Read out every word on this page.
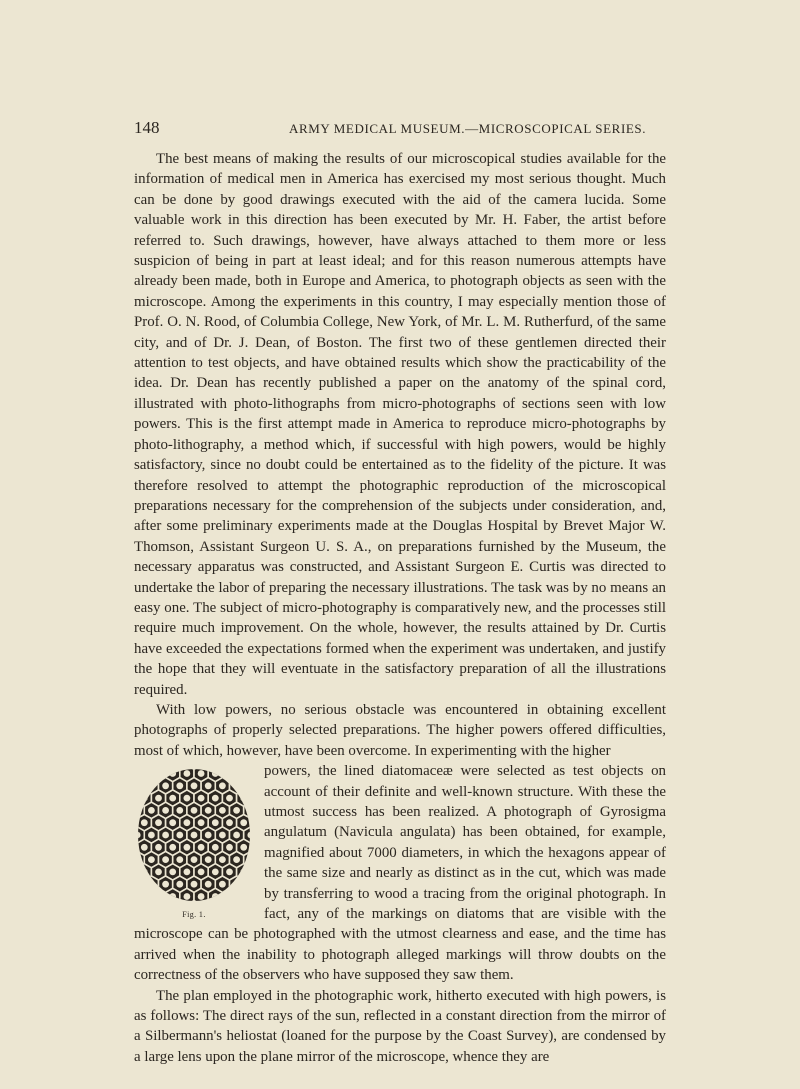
148	ARMY MEDICAL MUSEUM.—MICROSCOPICAL SERIES.

The best means of making the results of our microscopical studies available for the information of medical men in America has exercised my most serious thought. Much can be done by good drawings executed with the aid of the camera lucida. Some valuable work in this direction has been executed by Mr. H. Faber, the artist before referred to. Such drawings, however, have always attached to them more or less suspicion of being in part at least ideal; and for this reason numerous attempts have already been made, both in Europe and America, to photograph objects as seen with the microscope. Among the experiments in this country, I may especially mention those of Prof. O. N. Rood, of Columbia College, New York, of Mr. L. M. Rutherfurd, of the same city, and of Dr. J. Dean, of Boston. The first two of these gentlemen directed their attention to test objects, and have obtained results which show the practicability of the idea. Dr. Dean has recently published a paper on the anatomy of the spinal cord, illustrated with photo-lithographs from micro-photographs of sections seen with low powers. This is the first attempt made in America to reproduce micro-photographs by photo-lithography, a method which, if successful with high powers, would be highly satisfactory, since no doubt could be entertained as to the fidelity of the picture. It was therefore resolved to attempt the photographic reproduction of the microscopical preparations necessary for the comprehension of the subjects under consideration, and, after some preliminary experiments made at the Douglas Hospital by Brevet Major W. Thomson, Assistant Surgeon U. S. A., on preparations furnished by the Museum, the necessary apparatus was constructed, and Assistant Surgeon E. Curtis was directed to undertake the labor of preparing the necessary illustrations. The task was by no means an easy one. The subject of micro-photography is comparatively new, and the processes still require much improvement. On the whole, however, the results attained by Dr. Curtis have exceeded the expectations formed when the experiment was undertaken, and justify the hope that they will eventuate in the satisfactory preparation of all the illustrations required.

With low powers, no serious obstacle was encountered in obtaining excellent photographs of properly selected preparations. The higher powers offered difficulties, most of which, however, have been overcome. In experimenting with the higher

Fig. 1.

powers, the lined diatomaceæ were selected as test objects on account of their definite and well-known structure. With these the utmost success has been realized. A photograph of Gyrosigma angulatum (Navicula angulata) has been obtained, for example, magnified about 7000 diameters, in which the hexagons appear of the same size and nearly as distinct as in the cut, which was made by transferring to wood a tracing from the original photograph. In fact, any of the markings on diatoms that are visible with the microscope can be photographed with the utmost clearness and ease, and the time has arrived when the inability to photograph alleged markings will throw doubts on the correctness of the observers who have supposed they saw them.

The plan employed in the photographic work, hitherto executed with high powers, is as follows: The direct rays of the sun, reflected in a constant direction from the mirror of a Silbermann's heliostat (loaned for the purpose by the Coast Survey), are condensed by a large lens upon the plane mirror of the microscope, whence they are
